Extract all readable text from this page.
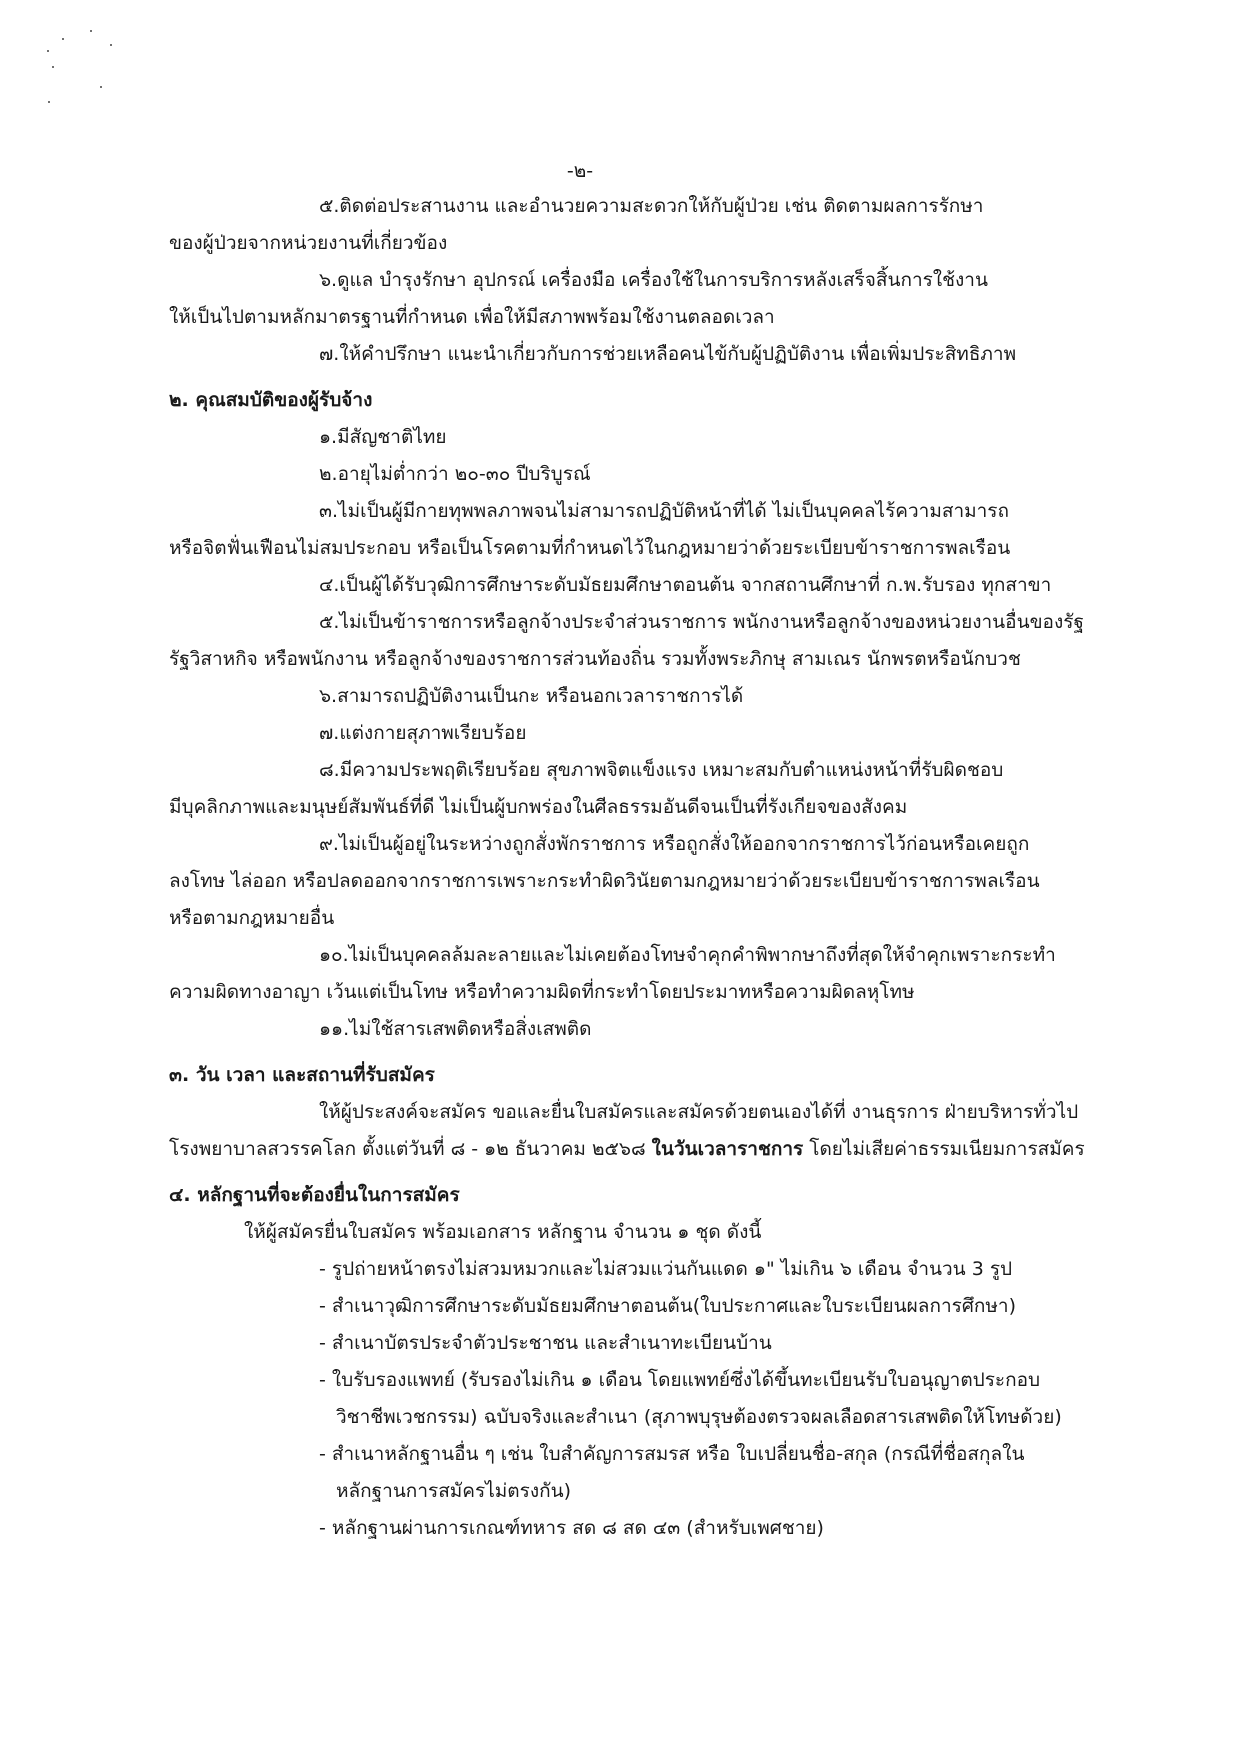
-๒-

๕.ติดต่อประสานงาน และอำนวยความสะดวกให้กับผู้ป่วย เช่น ติดตามผลการรักษา

ของผู้ป่วยจากหน่วยงานที่เกี่ยวข้อง

๖.ดูแล บำรุงรักษา อุปกรณ์ เครื่องมือ เครื่องใช้ในการบริการหลังเสร็จสิ้นการใช้งาน

ให้เป็นไปตามหลักมาตรฐานที่กำหนด เพื่อให้มีสภาพพร้อมใช้งานตลอดเวลา

๗.ให้คำปรึกษา แนะนำเกี่ยวกับการช่วยเหลือคนไข้กับผู้ปฏิบัติงาน เพื่อเพิ่มประสิทธิภาพ

๒. คุณสมบัติของผู้รับจ้าง

๑.มีสัญชาติไทย

๒.อายุไม่ต่ำกว่า ๒๐-๓๐ ปีบริบูรณ์

๓.ไม่เป็นผู้มีกายทุพพลภาพจนไม่สามารถปฏิบัติหน้าที่ได้ ไม่เป็นบุคคลไร้ความสามารถ

หรือจิตฟั่นเฟือนไม่สมประกอบ หรือเป็นโรคตามที่กำหนดไว้ในกฎหมายว่าด้วยระเบียบข้าราชการพลเรือน

๔.เป็นผู้ได้รับวุฒิการศึกษาระดับมัธยมศึกษาตอนต้น จากสถานศึกษาที่ ก.พ.รับรอง ทุกสาขา

๕.ไม่เป็นข้าราชการหรือลูกจ้างประจำส่วนราชการ พนักงานหรือลูกจ้างของหน่วยงานอื่นของรัฐ

รัฐวิสาหกิจ หรือพนักงาน หรือลูกจ้างของราชการส่วนท้องถิ่น รวมทั้งพระภิกษุ สามเณร นักพรตหรือนักบวช

๖.สามารถปฏิบัติงานเป็นกะ หรือนอกเวลาราชการได้

๗.แต่งกายสุภาพเรียบร้อย

๘.มีความประพฤติเรียบร้อย สุขภาพจิตแข็งแรง เหมาะสมกับตำแหน่งหน้าที่รับผิดชอบ

มีบุคลิกภาพและมนุษย์สัมพันธ์ที่ดี ไม่เป็นผู้บกพร่องในศีลธรรมอันดีจนเป็นที่รังเกียจของสังคม

๙.ไม่เป็นผู้อยู่ในระหว่างถูกสั่งพักราชการ หรือถูกสั่งให้ออกจากราชการไว้ก่อนหรือเคยถูก

ลงโทษ ไล่ออก หรือปลดออกจากราชการเพราะกระทำผิดวินัยตามกฎหมายว่าด้วยระเบียบข้าราชการพลเรือน

หรือตามกฎหมายอื่น

๑๐.ไม่เป็นบุคคลล้มละลายและไม่เคยต้องโทษจำคุกคำพิพากษาถึงที่สุดให้จำคุกเพราะกระทำ

ความผิดทางอาญา เว้นแต่เป็นโทษ หรือทำความผิดที่กระทำโดยประมาทหรือความผิดลหุโทษ

๑๑.ไม่ใช้สารเสพติดหรือสิ่งเสพติด

๓. วัน เวลา และสถานที่รับสมัคร

ให้ผู้ประสงค์จะสมัคร ขอและยื่นใบสมัครและสมัครด้วยตนเองได้ที่ งานธุรการ ฝ่ายบริหารทั่วไป

โรงพยาบาลสวรรคโลก ตั้งแต่วันที่ ๘ - ๑๒ ธันวาคม ๒๕๖๘ ในวันเวลาราชการ โดยไม่เสียค่าธรรมเนียมการสมัคร

๔. หลักฐานที่จะต้องยื่นในการสมัคร

ให้ผู้สมัครยื่นใบสมัคร พร้อมเอกสาร หลักฐาน จำนวน ๑ ชุด ดังนี้

- รูปถ่ายหน้าตรงไม่สวมหมวกและไม่สวมแว่นกันแดด ๑" ไม่เกิน ๖ เดือน จำนวน 3 รูป

- สำเนาวุฒิการศึกษาระดับมัธยมศึกษาตอนต้น(ใบประกาศและใบระเบียนผลการศึกษา)

- สำเนาบัตรประจำตัวประชาชน และสำเนาทะเบียนบ้าน

- ใบรับรองแพทย์ (รับรองไม่เกิน ๑ เดือน โดยแพทย์ซึ่งได้ขึ้นทะเบียนรับใบอนุญาตประกอบ

วิชาชีพเวชกรรม) ฉบับจริงและสำเนา (สุภาพบุรุษต้องตรวจผลเลือดสารเสพติดให้โทษด้วย)

- สำเนาหลักฐานอื่น ๆ เช่น ใบสำคัญการสมรส หรือ ใบเปลี่ยนชื่อ-สกุล (กรณีที่ชื่อสกุลใน

หลักฐานการสมัครไม่ตรงกัน)

- หลักฐานผ่านการเกณฑ์ทหาร สด ๘ สด ๔๓ (สำหรับเพศชาย)
